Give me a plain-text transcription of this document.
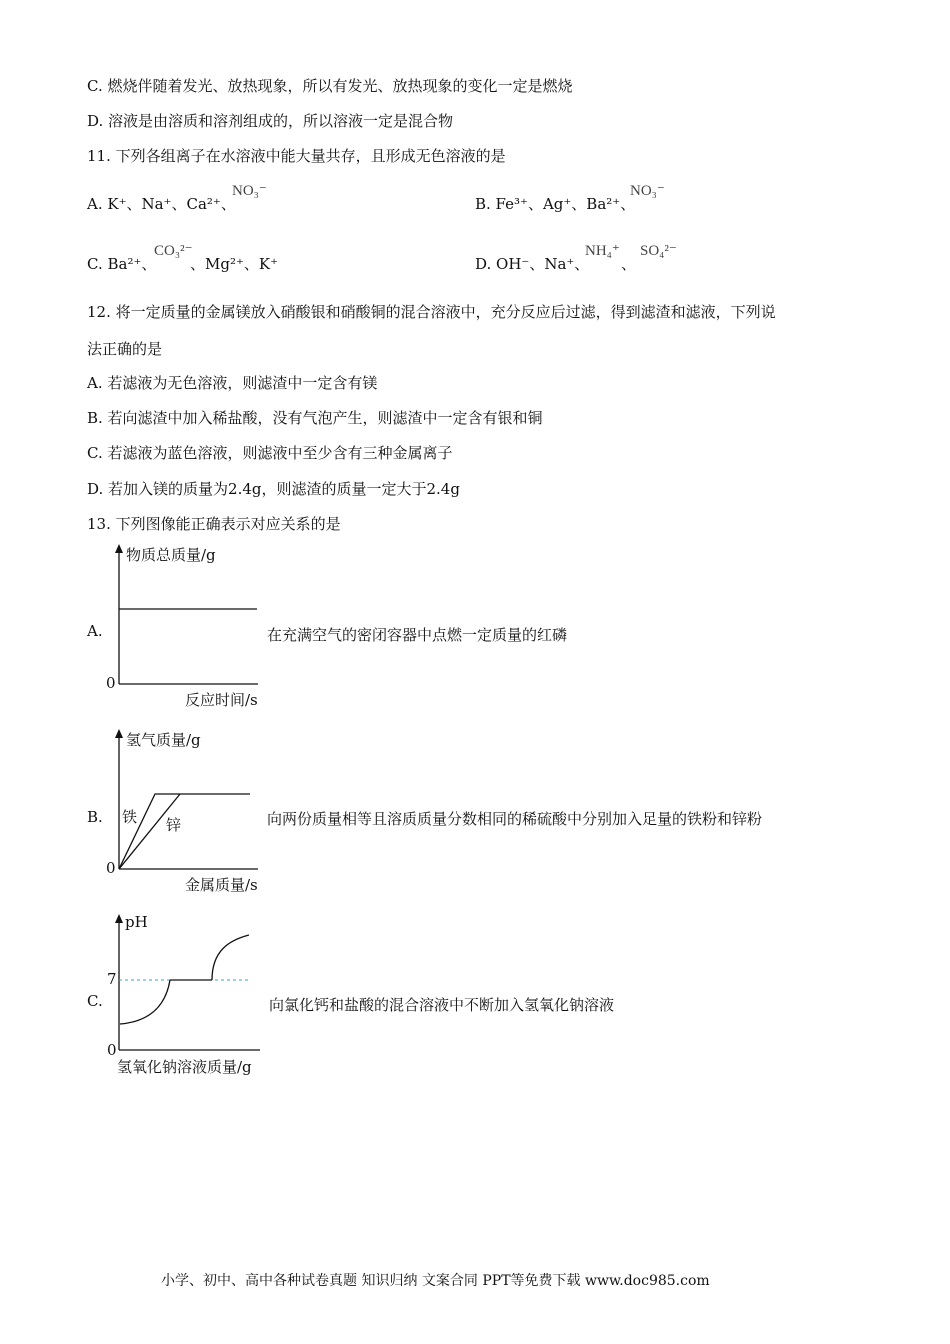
C. 燃烧伴随着发光、放热现象，所以有发光、放热现象的变化一定是燃烧
D. 溶液是由溶质和溶剂组成的，所以溶液一定是混合物
11. 下列各组离子在水溶液中能大量共存，且形成无色溶液的是
A. K⁺、Na⁺、Ca²⁺、
NO₃⁻
B. Fe³⁺、Ag⁺、Ba²⁺、
NO₃⁻
C. Ba²⁺、
CO₃²⁻
、Mg²⁺、K⁺	D. OH⁻、Na⁺、
NH₄⁺
、
SO₄²⁻
12. 将一定质量的金属镁放入硝酸银和硝酸铜的混合溶液中，充分反应后过滤，得到滤渣和滤液，下列说
法正确的是
A. 若滤液为无色溶液，则滤渣中一定含有镁
B. 若向滤渣中加入稀盐酸，没有气泡产生，则滤渣中一定含有银和铜
C. 若滤液为蓝色溶液，则滤液中至少含有三种金属离子
D. 若加入镁的质量为2.4g，则滤渣的质量一定大于2.4g
13. 下列图像能正确表示对应关系的是
A.
物质总质量/g
0
反应时间/s
在充满空气的密闭容器中点燃一定质量的红磷
B.
氢气质量/g
铁 锌
0
金属质量/s
向两份质量相等且溶质质量分数相同的稀硫酸中分别加入足量的铁粉和锌粉
C.
pH
7
0
氢氧化钠溶液质量/g
向氯化钙和盐酸的混合溶液中不断加入氢氧化钠溶液
小学、初中、高中各种试卷真题 知识归纳 文案合同 PPT等免费下载 www.doc985.com
